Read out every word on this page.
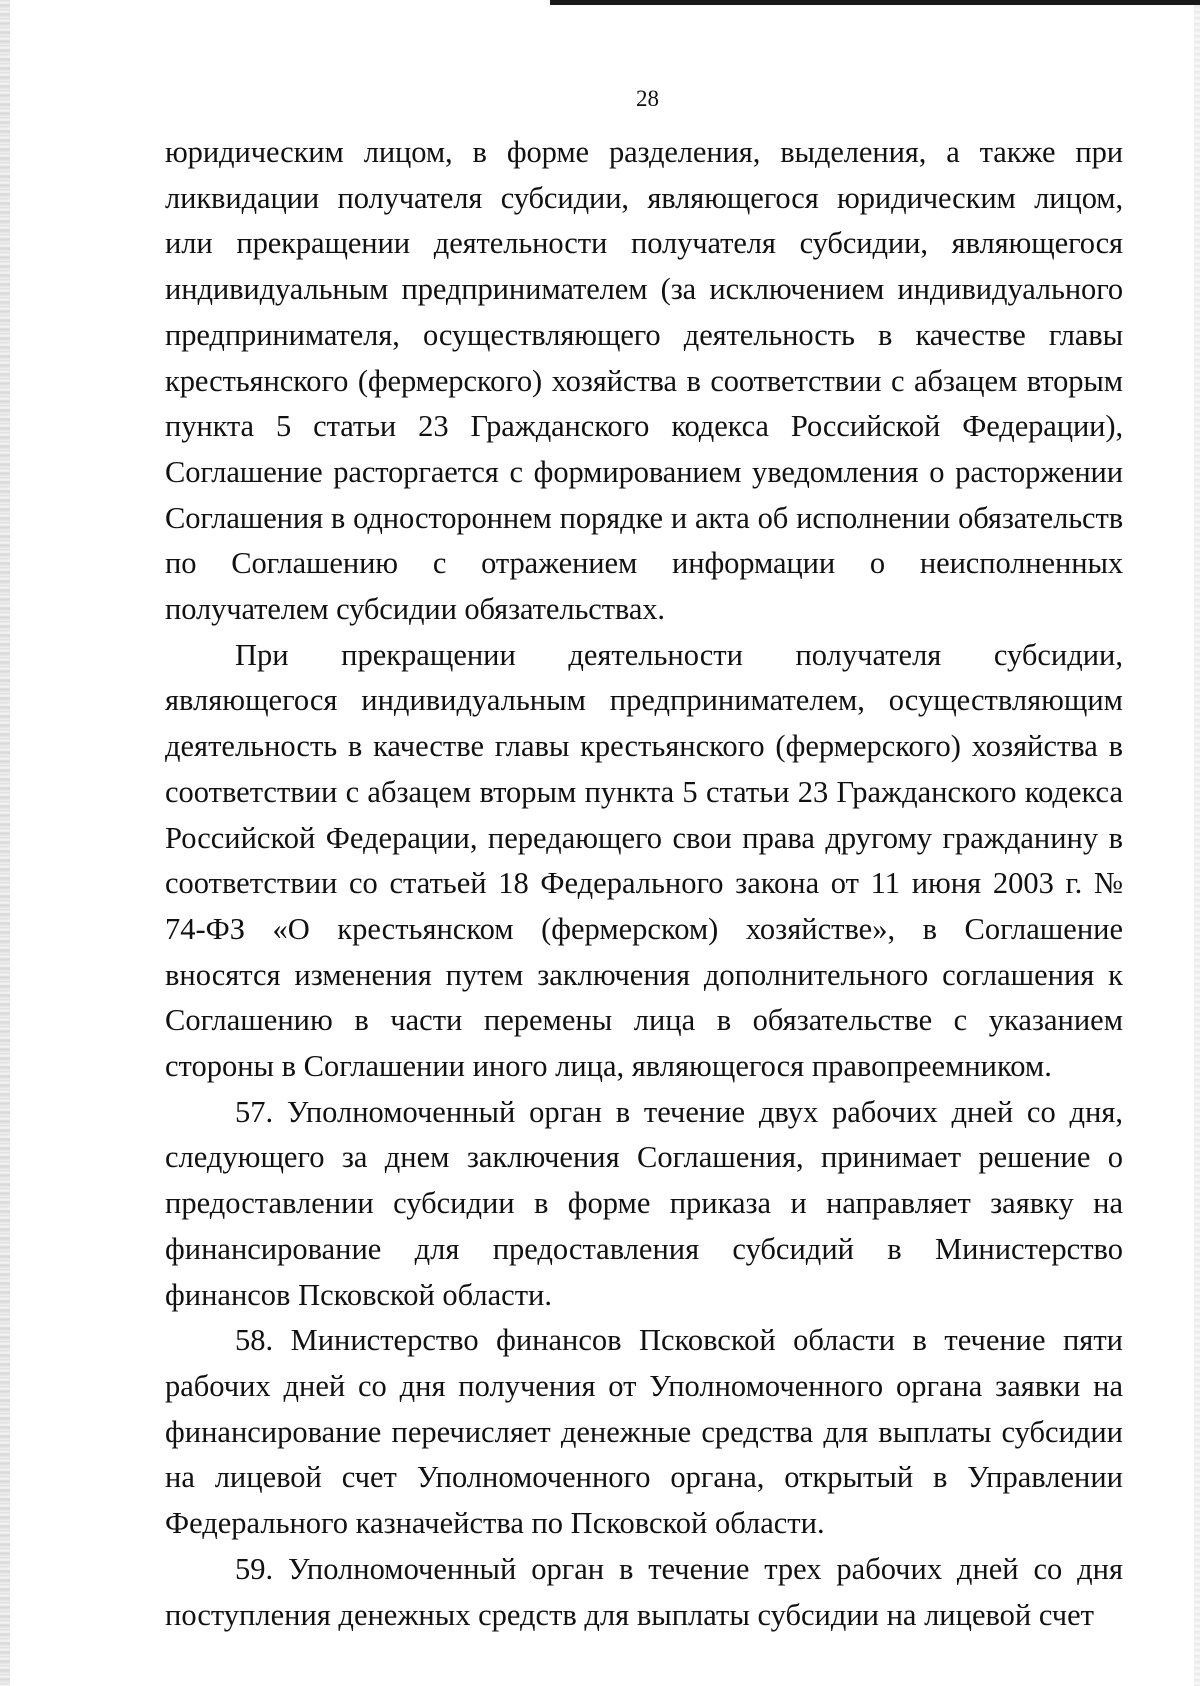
28

юридическим лицом, в форме разделения, выделения, а также при ликвидации получателя субсидии, являющегося юридическим лицом, или прекращении деятельности получателя субсидии, являющегося индивидуальным предпринимателем (за исключением индивидуального предпринимателя, осуществляющего деятельность в качестве главы крестьянского (фермерского) хозяйства в соответствии с абзацем вторым пункта 5 статьи 23 Гражданского кодекса Российской Федерации), Соглашение расторгается с формированием уведомления о расторжении Соглашения в одностороннем порядке и акта об исполнении обязательств по Соглашению с отражением информации о неисполненных получателем субсидии обязательствах.

При прекращении деятельности получателя субсидии, являющегося индивидуальным предпринимателем, осуществляющим деятельность в качестве главы крестьянского (фермерского) хозяйства в соответствии с абзацем вторым пункта 5 статьи 23 Гражданского кодекса Российской Федерации, передающего свои права другому гражданину в соответствии со статьей 18 Федерального закона от 11 июня 2003 г. № 74-ФЗ «О крестьянском (фермерском) хозяйстве», в Соглашение вносятся изменения путем заключения дополнительного соглашения к Соглашению в части перемены лица в обязательстве с указанием стороны в Соглашении иного лица, являющегося правопреемником.

57. Уполномоченный орган в течение двух рабочих дней со дня, следующего за днем заключения Соглашения, принимает решение о предоставлении субсидии в форме приказа и направляет заявку на финансирование для предоставления субсидий в Министерство финансов Псковской области.

58. Министерство финансов Псковской области в течение пяти рабочих дней со дня получения от Уполномоченного органа заявки на финансирование перечисляет денежные средства для выплаты субсидии на лицевой счет Уполномоченного органа, открытый в Управлении Федерального казначейства по Псковской области.

59. Уполномоченный орган в течение трех рабочих дней со дня поступления денежных средств для выплаты субсидии на лицевой счет
